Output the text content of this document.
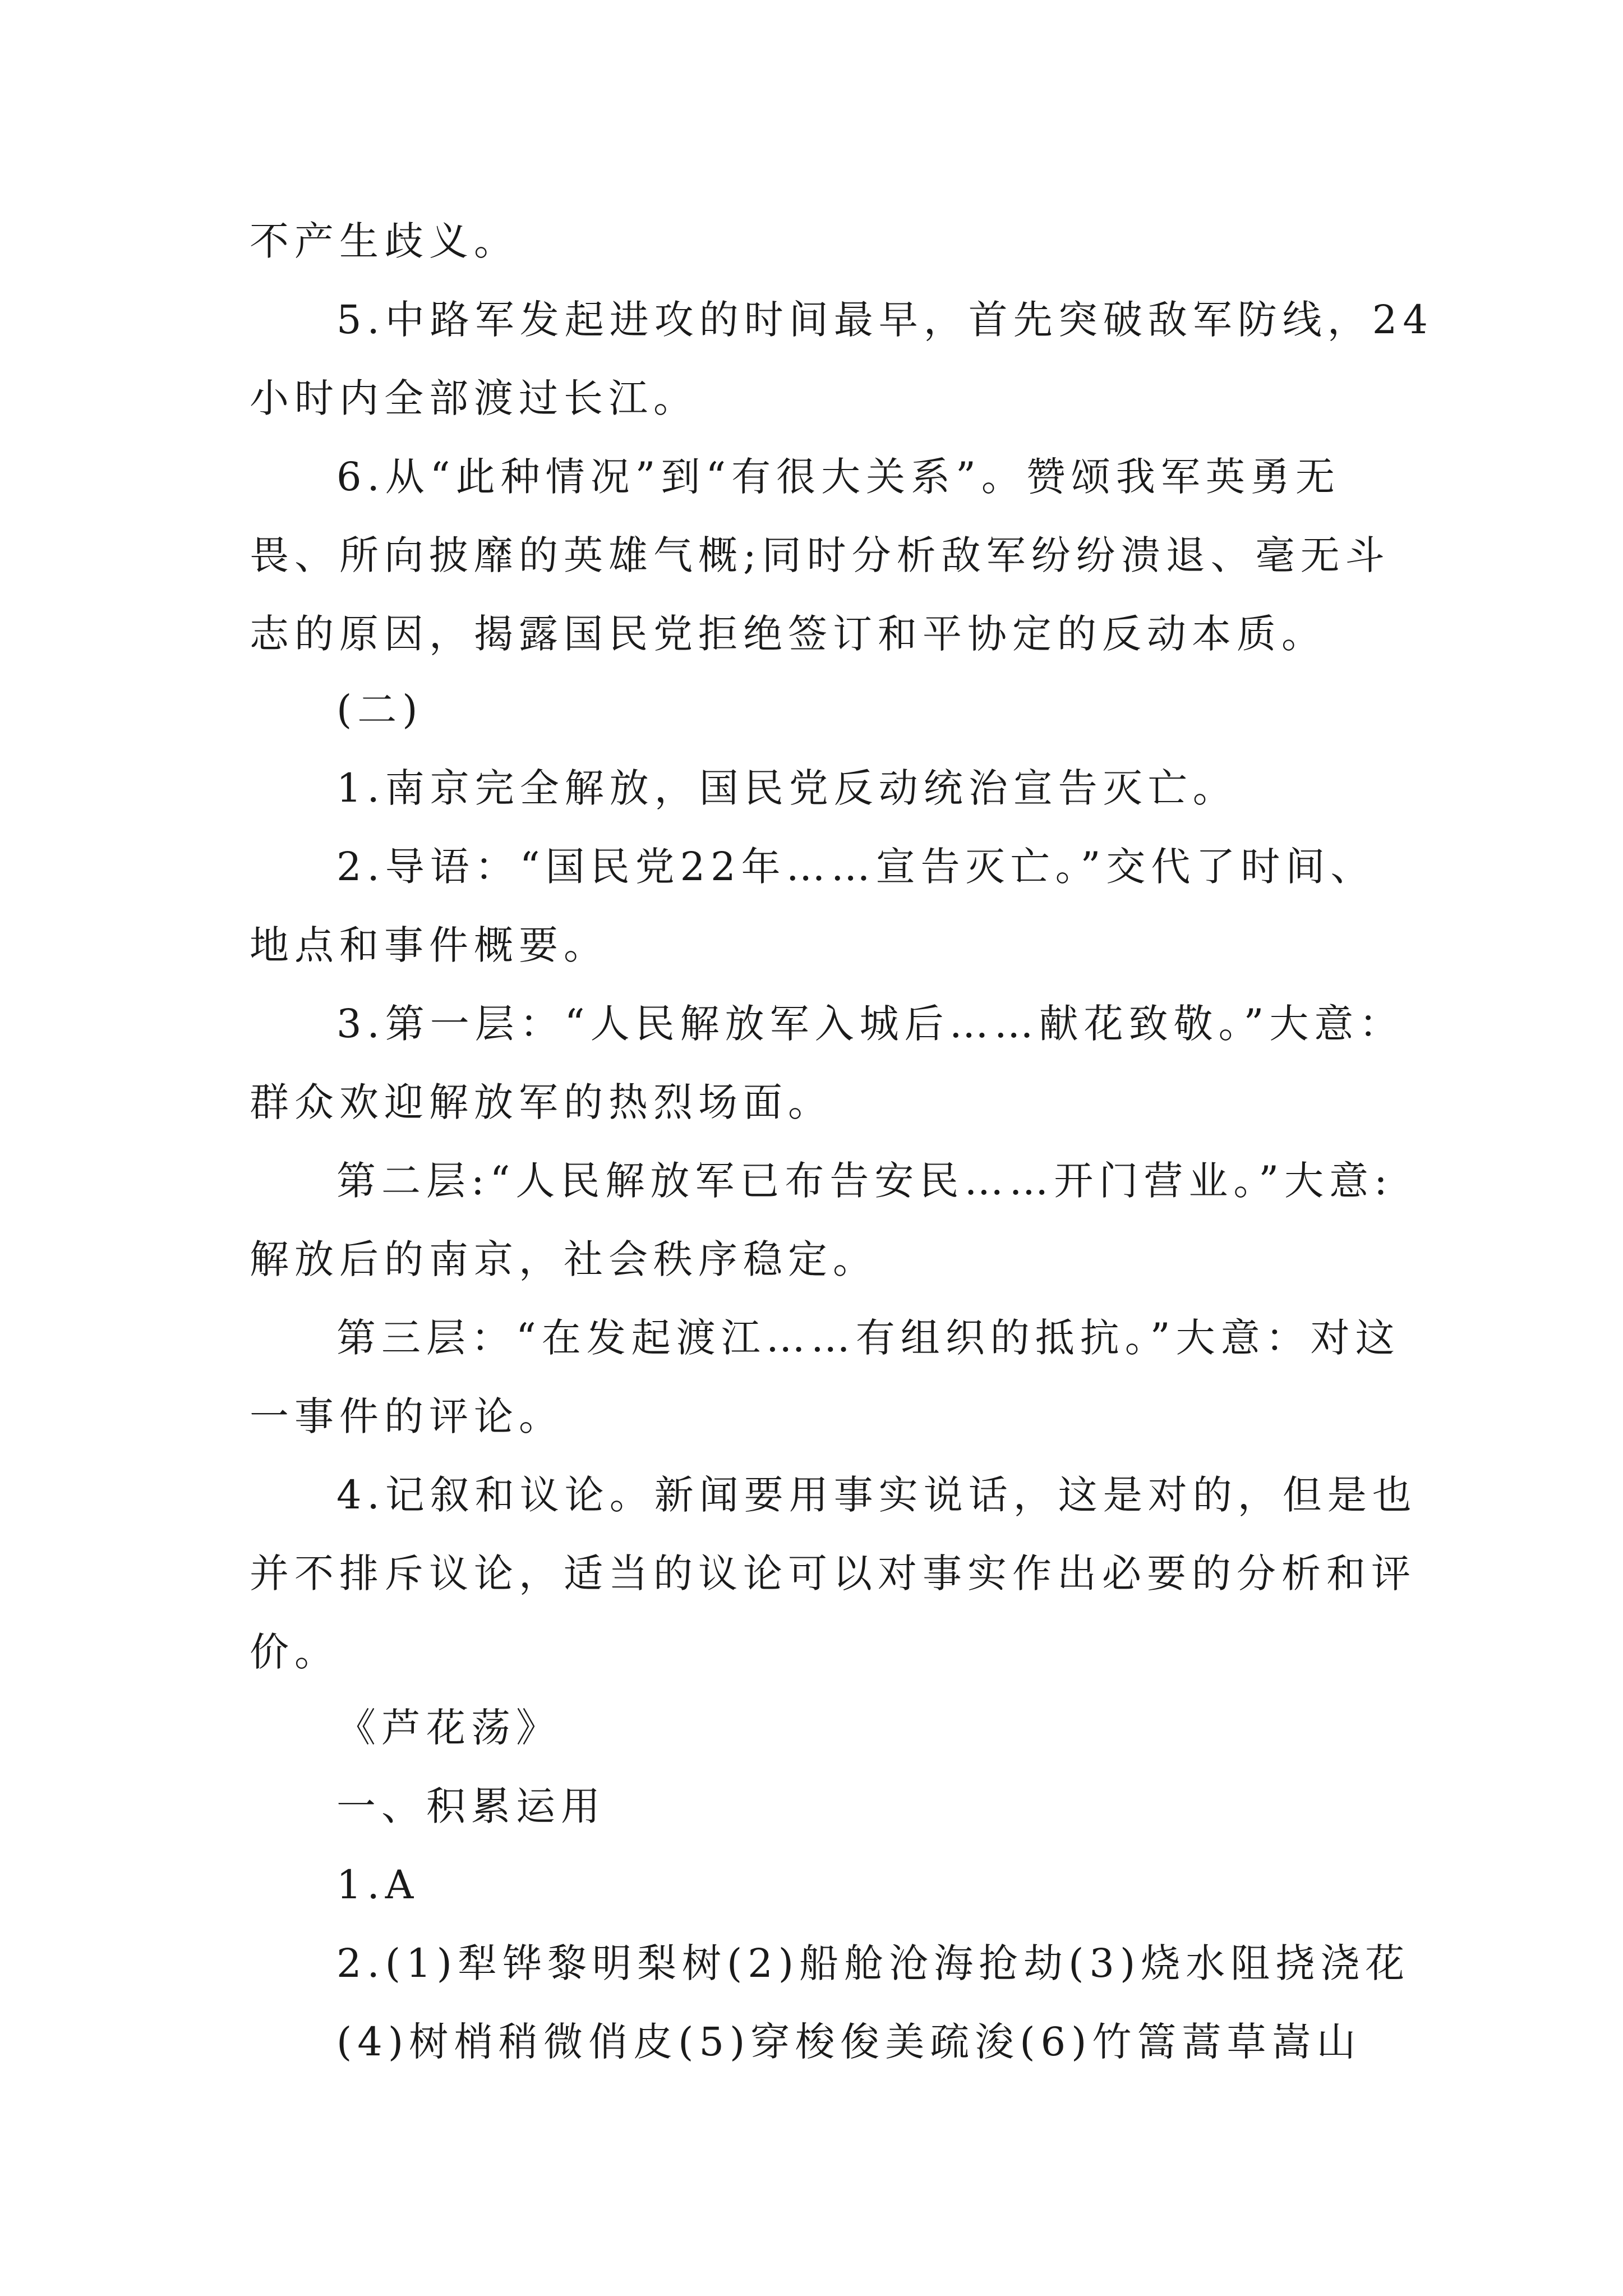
不产生歧义。
5.中路军发起进攻的时间最早，首先突破敌军防线，24
小时内全部渡过长江。
6.从“此种情况”到“有很大关系”。赞颂我军英勇无
畏、所向披靡的英雄气概;同时分析敌军纷纷溃退、毫无斗
志的原因，揭露国民党拒绝签订和平协定的反动本质。
(二)
1.南京完全解放，国民党反动统治宣告灭亡。
2.导语：“国民党22年……宣告灭亡。”交代了时间、
地点和事件概要。
3.第一层：“人民解放军入城后……献花致敬。”大意：
群众欢迎解放军的热烈场面。
第二层:“人民解放军已布告安民……开门营业。”大意:
解放后的南京，社会秩序稳定。
第三层：“在发起渡江……有组织的抵抗。”大意：对这
一事件的评论。
4.记叙和议论。新闻要用事实说话，这是对的，但是也
并不排斥议论，适当的议论可以对事实作出必要的分析和评
价。
《芦花荡》
一、积累运用
1.A
2.(1)犁铧黎明梨树(2)船舱沧海抢劫(3)烧水阻挠浇花
(4)树梢稍微俏皮(5)穿梭俊美疏浚(6)竹篙蒿草嵩山
